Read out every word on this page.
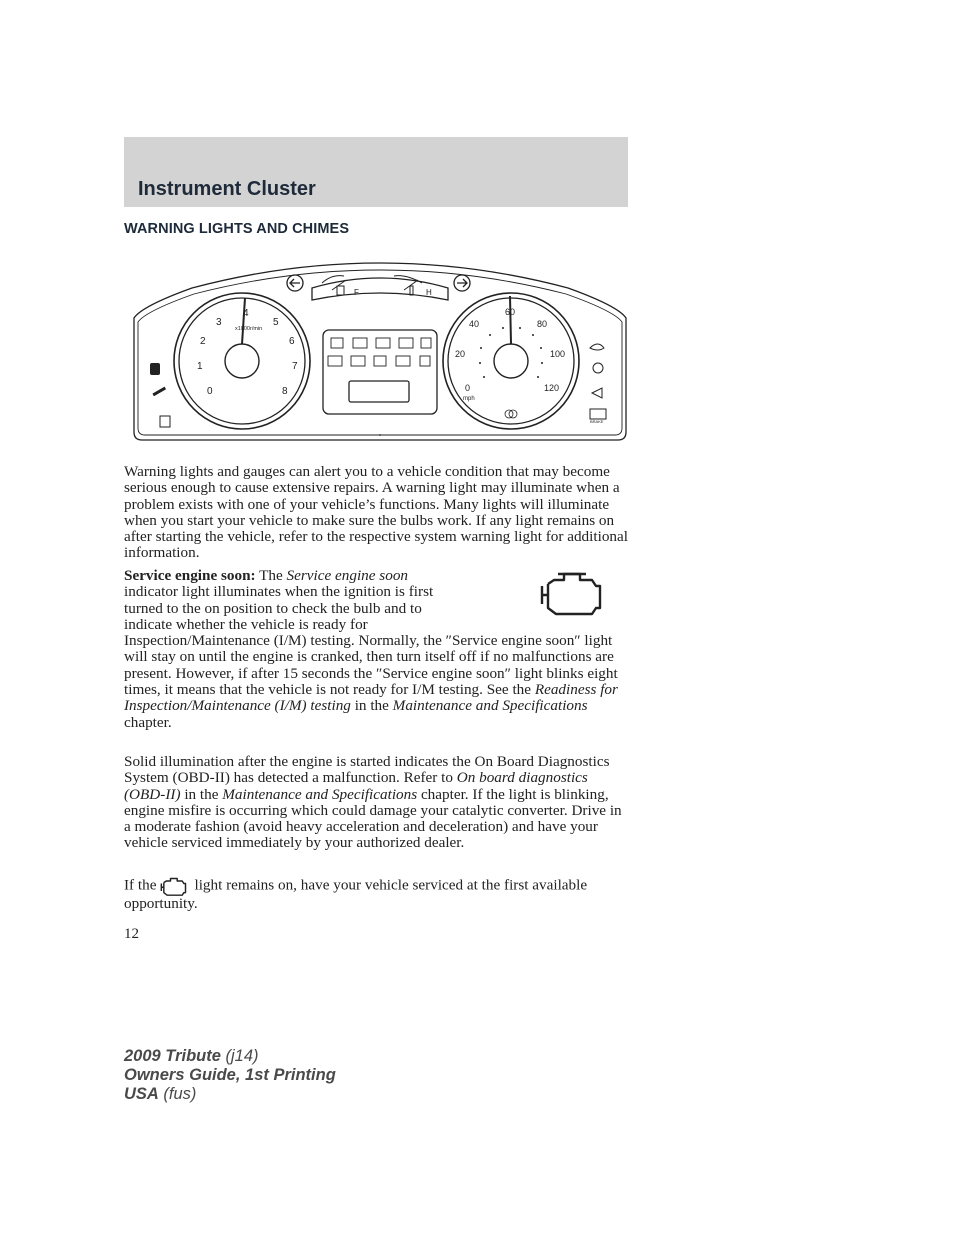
Instrument Cluster
WARNING LIGHTS AND CHIMES
0
1
2
3
4
5
6
7
8
x1000r/min
0
20
40
60
80
100
120
mph
F	H
BRAKE

Warning lights and gauges can alert you to a vehicle condition that may become serious enough to cause extensive repairs. A warning light may illuminate when a problem exists with one of your vehicle’s functions. Many lights will illuminate when you start your vehicle to make sure the bulbs work. If any light remains on after starting the vehicle, refer to the respective system warning light for additional information.

Service engine soon: The Service engine soon indicator light illuminates when the ignition is first turned to the on position to check the bulb and to indicate whether the vehicle is ready for Inspection/Maintenance (I/M) testing. Normally, the ″Service engine soon″ light will stay on until the engine is cranked, then turn itself off if no malfunctions are present. However, if after 15 seconds the ″Service engine soon″ light blinks eight times, it means that the vehicle is not ready for I/M testing. See the Readiness for Inspection/Maintenance (I/M) testing in the Maintenance and Specifications chapter.

Solid illumination after the engine is started indicates the On Board Diagnostics System (OBD-II) has detected a malfunction. Refer to On board diagnostics (OBD-II) in the Maintenance and Specifications chapter. If the light is blinking, engine misfire is occurring which could damage your catalytic converter. Drive in a moderate fashion (avoid heavy acceleration and deceleration) and have your vehicle serviced immediately by your authorized dealer.

If the	light remains on, have your vehicle serviced at the first available opportunity.

12

2009 Tribute (j14)
Owners Guide, 1st Printing
USA (fus)
